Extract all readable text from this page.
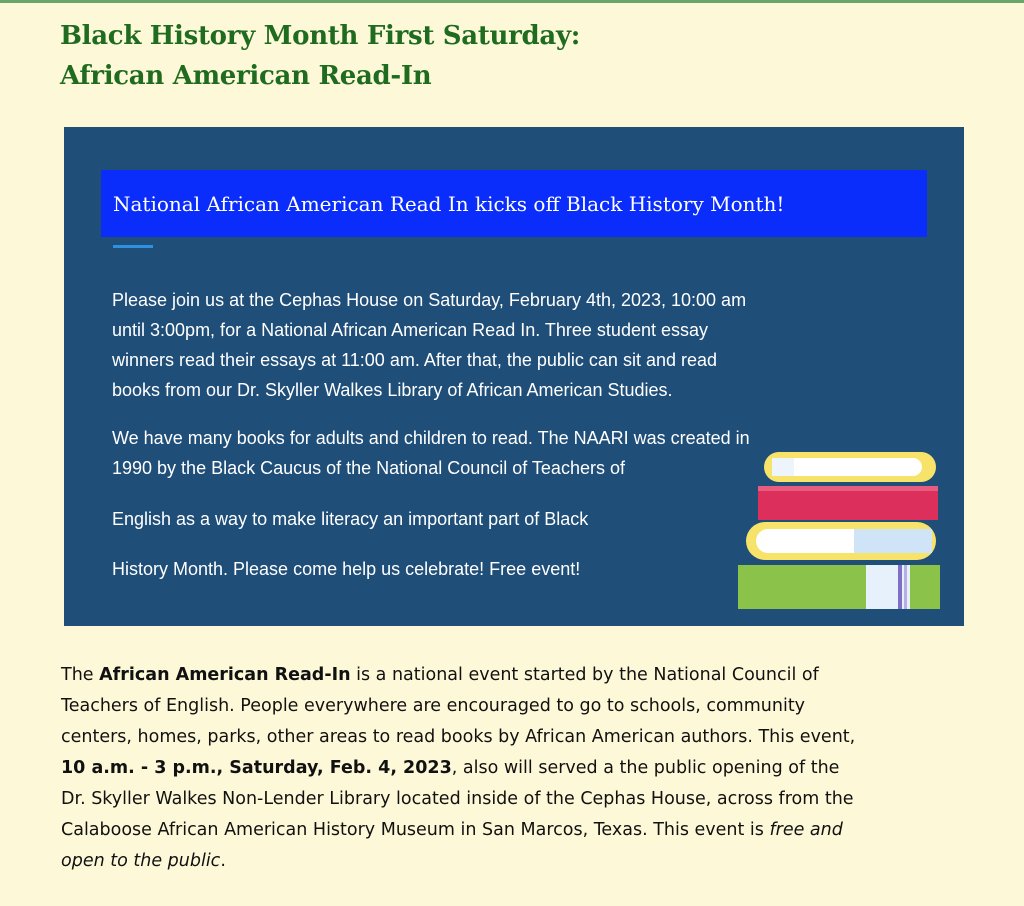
Black History Month First Saturday:
African American Read-In
National African American Read In kicks off Black History Month!
Please join us at the Cephas House on Saturday, February 4th, 2023, 10:00 am
until 3:00pm, for a National African American Read In. Three student essay
winners read their essays at 11:00 am. After that, the public can sit and read
books from our Dr. Skyller Walkes Library of African American Studies.
We have many books for adults and children to read. The NAARI was created in
1990 by the Black Caucus of the National Council of Teachers of
English as a way to make literacy an important part of Black
History Month. Please come help us celebrate! Free event!
The African American Read-In is a national event started by the National Council of
Teachers of English. People everywhere are encouraged to go to schools, community
centers, homes, parks, other areas to read books by African American authors. This event,
10 a.m. - 3 p.m., Saturday, Feb. 4, 2023, also will served a the public opening of the
Dr. Skyller Walkes Non-Lender Library located inside of the Cephas House, across from the
Calaboose African American History Museum in San Marcos, Texas. This event is free and
open to the public.
